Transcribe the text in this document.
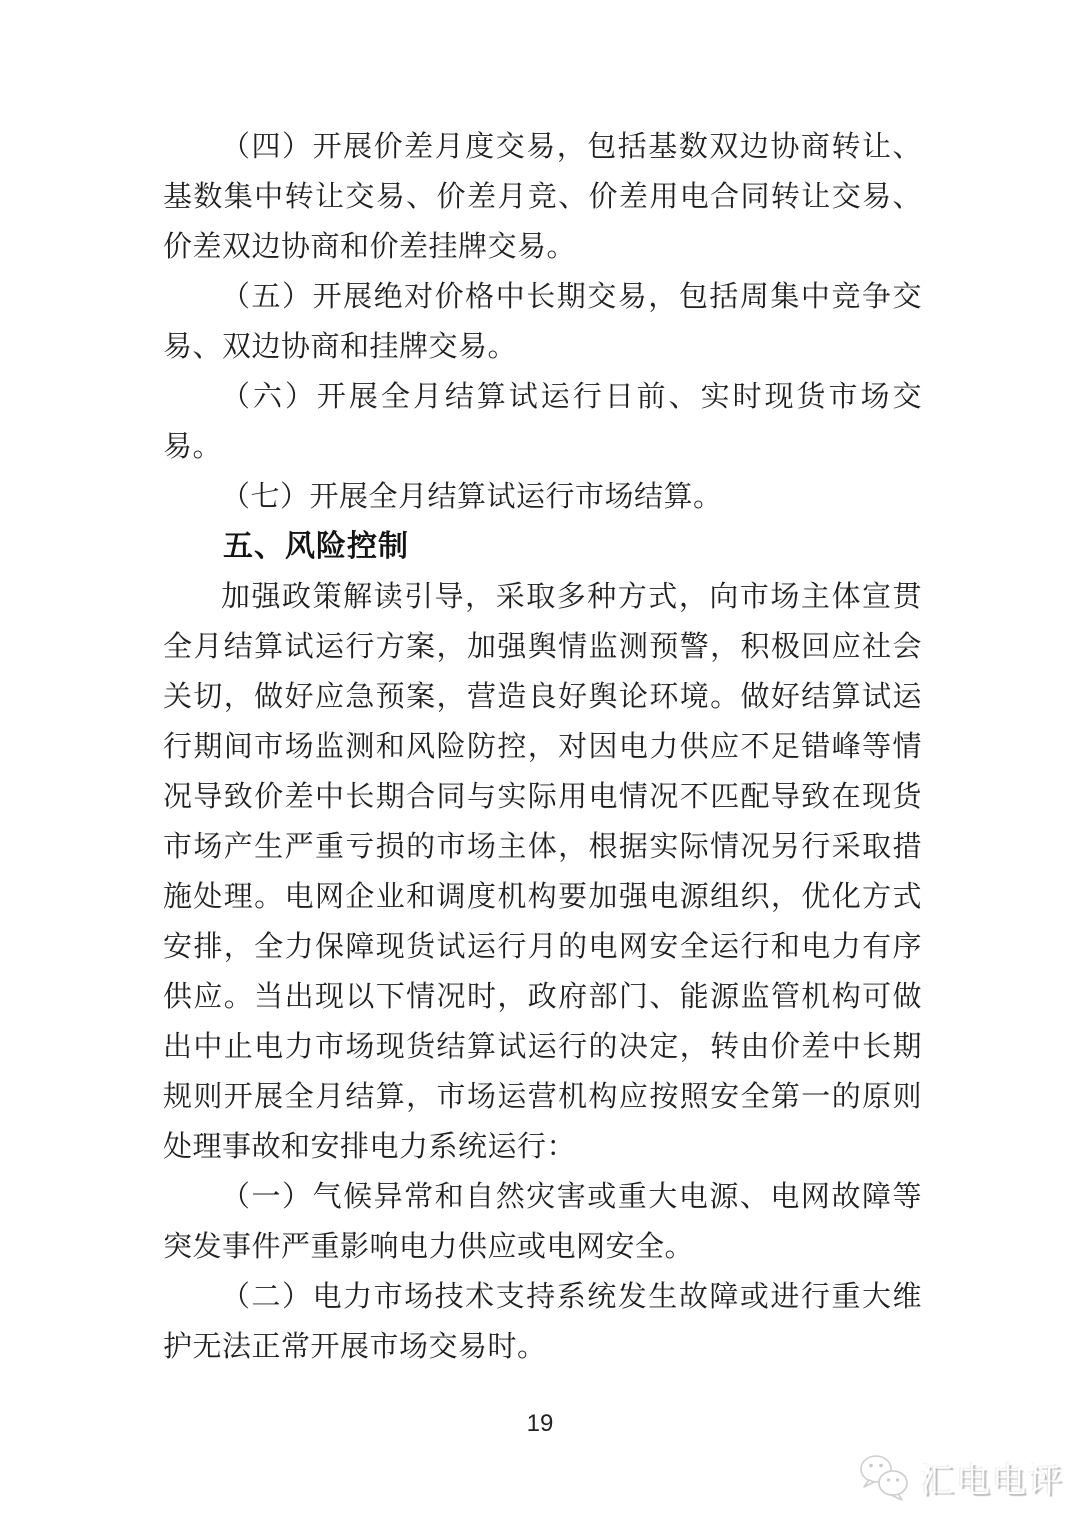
（四）开展价差月度交易，包括基数双边协商转让、基数集中转让交易、价差月竞、价差用电合同转让交易、价差双边协商和价差挂牌交易。

（五）开展绝对价格中长期交易，包括周集中竞争交易、双边协商和挂牌交易。

（六）开展全月结算试运行日前、实时现货市场交易。

（七）开展全月结算试运行市场结算。

五、风险控制

加强政策解读引导，采取多种方式，向市场主体宣贯全月结算试运行方案，加强舆情监测预警，积极回应社会关切，做好应急预案，营造良好舆论环境。做好结算试运行期间市场监测和风险防控，对因电力供应不足错峰等情况导致价差中长期合同与实际用电情况不匹配导致在现货市场产生严重亏损的市场主体，根据实际情况另行采取措施处理。电网企业和调度机构要加强电源组织，优化方式安排，全力保障现货试运行月的电网安全运行和电力有序供应。当出现以下情况时，政府部门、能源监管机构可做出中止电力市场现货结算试运行的决定，转由价差中长期规则开展全月结算，市场运营机构应按照安全第一的原则处理事故和安排电力系统运行：

（一）气候异常和自然灾害或重大电源、电网故障等突发事件严重影响电力供应或电网安全。

（二）电力市场技术支持系统发生故障或进行重大维护无法正常开展市场交易时。

19
汇电电评
